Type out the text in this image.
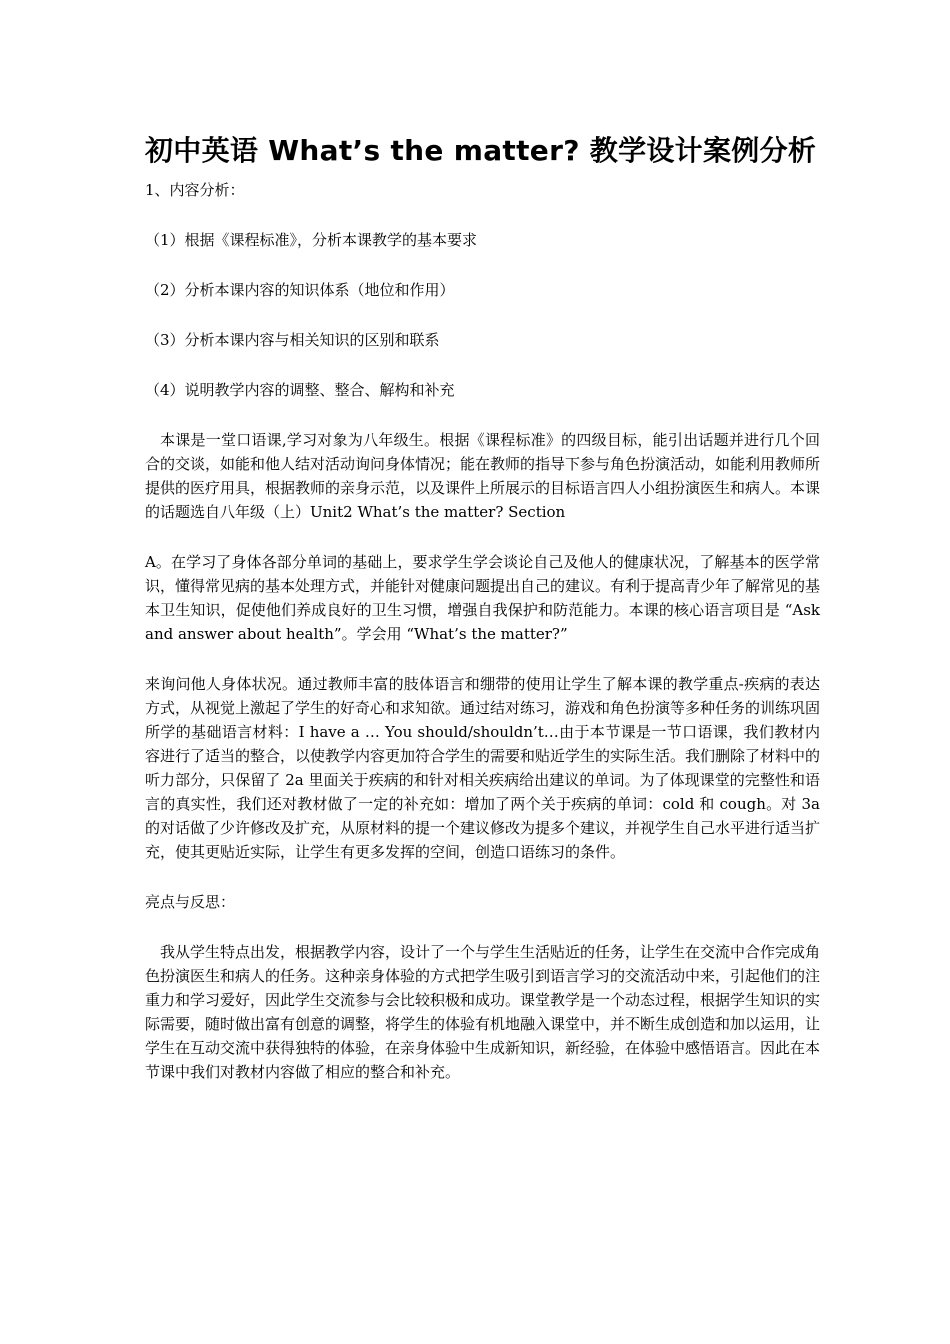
初中英语 What’s the matter? 教学设计案例分析
1、内容分析：
（1）根据《课程标准》，分析本课教学的基本要求
（2）分析本课内容的知识体系（地位和作用）
（3）分析本课内容与相关知识的区别和联系
（4）说明教学内容的调整、整合、解构和补充

本课是一堂口语课,学习对象为八年级生。根据《课程标准》的四级目标，能引出话题并进行几个回合的交谈，如能和他人结对活动询问身体情况；能在教师的指导下参与角色扮演活动，如能利用教师所提供的医疗用具，根据教师的亲身示范，以及课件上所展示的目标语言四人小组扮演医生和病人。本课的话题选自八年级（上）Unit2 What’s the matter? Section

A。在学习了身体各部分单词的基础上，要求学生学会谈论自己及他人的健康状况，了解基本的医学常识，懂得常见病的基本处理方式，并能针对健康问题提出自己的建议。有利于提高青少年了解常见的基本卫生知识，促使他们养成良好的卫生习惯，增强自我保护和防范能力。本课的核心语言项目是 “Ask and answer about health”。学会用 “What’s the matter?”

来询问他人身体状况。通过教师丰富的肢体语言和绷带的使用让学生了解本课的教学重点-疾病的表达方式，从视觉上激起了学生的好奇心和求知欲。通过结对练习，游戏和角色扮演等多种任务的训练巩固所学的基础语言材料：I have a … You should/shouldn’t…由于本节课是一节口语课，我们教材内容进行了适当的整合，以使教学内容更加符合学生的需要和贴近学生的实际生活。我们删除了材料中的听力部分，只保留了 2a 里面关于疾病的和针对相关疾病给出建议的单词。为了体现课堂的完整性和语言的真实性，我们还对教材做了一定的补充如：增加了两个关于疾病的单词：cold 和 cough。对 3a 的对话做了少许修改及扩充，从原材料的提一个建议修改为提多个建议，并视学生自己水平进行适当扩充，使其更贴近实际，让学生有更多发挥的空间，创造口语练习的条件。

亮点与反思：

我从学生特点出发，根据教学内容，设计了一个与学生生活贴近的任务，让学生在交流中合作完成角色扮演医生和病人的任务。这种亲身体验的方式把学生吸引到语言学习的交流活动中来，引起他们的注重力和学习爱好，因此学生交流参与会比较积极和成功。课堂教学是一个动态过程，根据学生知识的实际需要，随时做出富有创意的调整，将学生的体验有机地融入课堂中，并不断生成创造和加以运用，让学生在互动交流中获得独特的体验，在亲身体验中生成新知识，新经验，在体验中感悟语言。因此在本节课中我们对教材内容做了相应的整合和补充。
